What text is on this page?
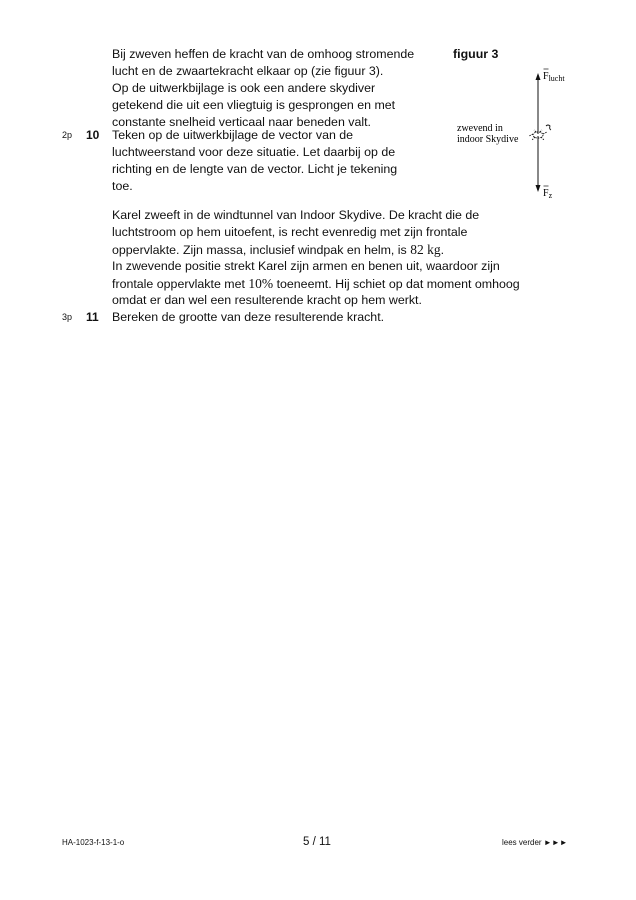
Bij zweven heffen de kracht van de omhoog stromende
lucht en de zwaartekracht elkaar op (zie figuur 3).
Op de uitwerkbijlage is ook een andere skydiver
getekend die uit een vliegtuig is gesprongen en met
constante snelheid verticaal naar beneden valt.
2p 10 Teken op de uitwerkbijlage de vector van de
luchtweerstand voor deze situatie. Let daarbij op de
richting en de lengte van de vector. Licht je tekening
toe.
figuur 3
$F_{lucht}$
$F_z$
zwevend in
indoor Skydive
Karel zweeft in de windtunnel van Indoor Skydive. De kracht die de
luchtstroom op hem uitoefent, is recht evenredig met zijn frontale
oppervlakte. Zijn massa, inclusief windpak en helm, is 82 kg.
In zwevende positie strekt Karel zijn armen en benen uit, waardoor zijn
frontale oppervlakte met 10% toeneemt. Hij schiet op dat moment omhoog
omdat er dan wel een resulterende kracht op hem werkt.
3p 11 Bereken de grootte van deze resulterende kracht.
HA-1023-f-13-1-o	5 / 11	lees verder ►►►
